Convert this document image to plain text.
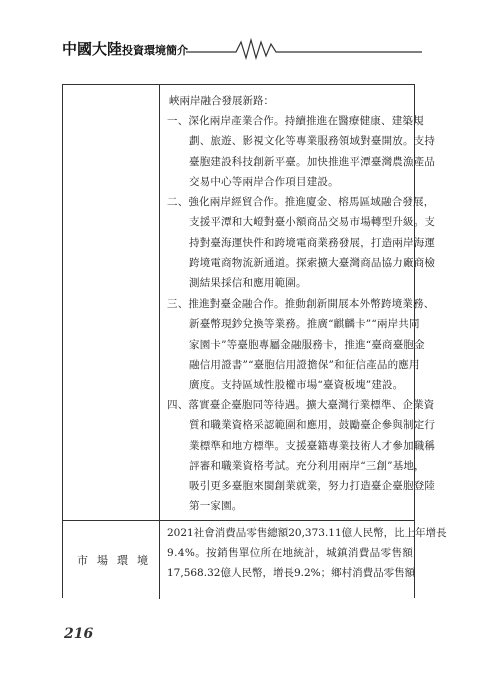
中國大陸投資環境簡介
峽兩岸融合發展新路：
一、深化兩岸產業合作。持續推進在醫療健康、建築規
劃、旅遊、影視文化等專業服務領域對臺開放。支持
臺胞建設科技創新平臺。加快推進平潭臺灣農漁產品
交易中心等兩岸合作項目建設。
二、強化兩岸經貿合作。推進廈金、榕馬區域融合發展，
支援平潭和大嶝對臺小額商品交易市場轉型升級。支
持對臺海運快件和跨境電商業務發展，打造兩岸海運
跨境電商物流新通道。探索擴大臺灣商品協力廠商檢
測結果採信和應用範圍。
三、推進對臺金融合作。推動創新開展本外幣跨境業務、
新臺幣現鈔兌換等業務。推廣“麒麟卡”“兩岸共同
家園卡”等臺胞專屬金融服務卡，推進“臺商臺胞金
融信用證書”“臺胞信用證擔保”和征信產品的應用
廣度。支持區域性股權市場“臺資板塊”建設。
四、落實臺企臺胞同等待遇。擴大臺灣行業標準、企業資
質和職業資格采認範圍和應用，鼓勵臺企參與制定行
業標準和地方標準。支援臺籍專業技術人才參加職稱
評審和職業資格考試。充分利用兩岸“三創”基地，
吸引更多臺胞來閩創業就業，努力打造臺企臺胞登陸
第一家園。
市場環境
2021社會消費品零售總額20,373.11億人民幣，比上年增長
9.4%。按銷售單位所在地統計，城鎮消費品零售額
17,568.32億人民幣，增長9.2%；鄉村消費品零售額
216
